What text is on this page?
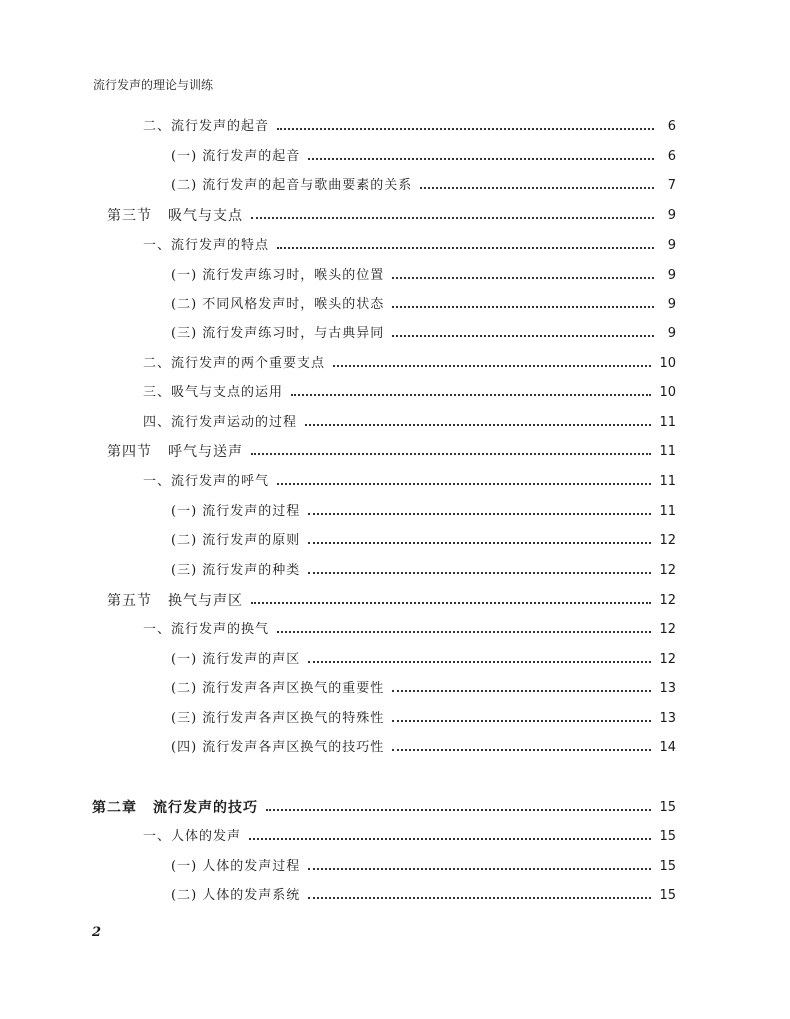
流行发声的理论与训练
二、流行发声的起音	6
(一) 流行发声的起音	6
(二) 流行发声的起音与歌曲要素的关系	7
第三节 吸气与支点	9
一、流行发声的特点	9
(一) 流行发声练习时，喉头的位置	9
(二) 不同风格发声时，喉头的状态	9
(三) 流行发声练习时，与古典异同	9
二、流行发声的两个重要支点	10
三、吸气与支点的运用	10
四、流行发声运动的过程	11
第四节 呼气与送声	11
一、流行发声的呼气	11
(一) 流行发声的过程	11
(二) 流行发声的原则	12
(三) 流行发声的种类	12
第五节 换气与声区	12
一、流行发声的换气	12
(一) 流行发声的声区	12
(二) 流行发声各声区换气的重要性	13
(三) 流行发声各声区换气的特殊性	13
(四) 流行发声各声区换气的技巧性	14
第二章 流行发声的技巧	15
一、人体的发声	15
(一) 人体的发声过程	15
(二) 人体的发声系统	15
2
